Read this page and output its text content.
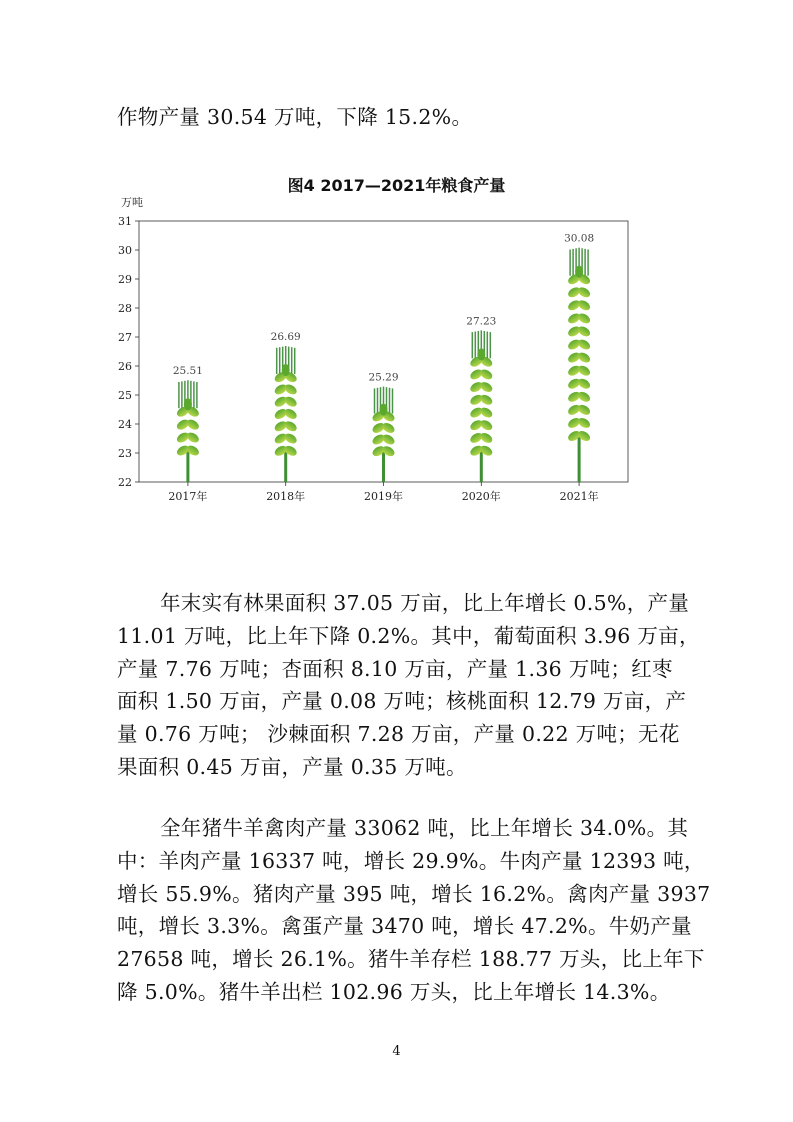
作物产量 30.54 万吨，下降 15.2%。
图4 2017—2021年粮食产量
万吨
22
23
24
25
26
27
28
29
30
31
2017年	2018年	2019年	2020年	2021年
25.51
26.69
25.29
27.23
30.08
年末实有林果面积 37.05 万亩，比上年增长 0.5%，产量
11.01 万吨，比上年下降 0.2%。其中，葡萄面积 3.96 万亩，
产量 7.76 万吨；杏面积 8.10 万亩，产量 1.36 万吨；红枣
面积 1.50 万亩，产量 0.08 万吨；核桃面积 12.79 万亩，产
量 0.76 万吨； 沙棘面积 7.28 万亩，产量 0.22 万吨；无花
果面积 0.45 万亩，产量 0.35 万吨。
全年猪牛羊禽肉产量 33062 吨，比上年增长 34.0%。其
中：羊肉产量 16337 吨，增长 29.9%。牛肉产量 12393 吨，
增长 55.9%。猪肉产量 395 吨，增长 16.2%。禽肉产量 3937
吨，增长 3.3%。禽蛋产量 3470 吨，增长 47.2%。牛奶产量
27658 吨，增长 26.1%。猪牛羊存栏 188.77 万头，比上年下
降 5.0%。猪牛羊出栏 102.96 万头，比上年增长 14.3%。
4
